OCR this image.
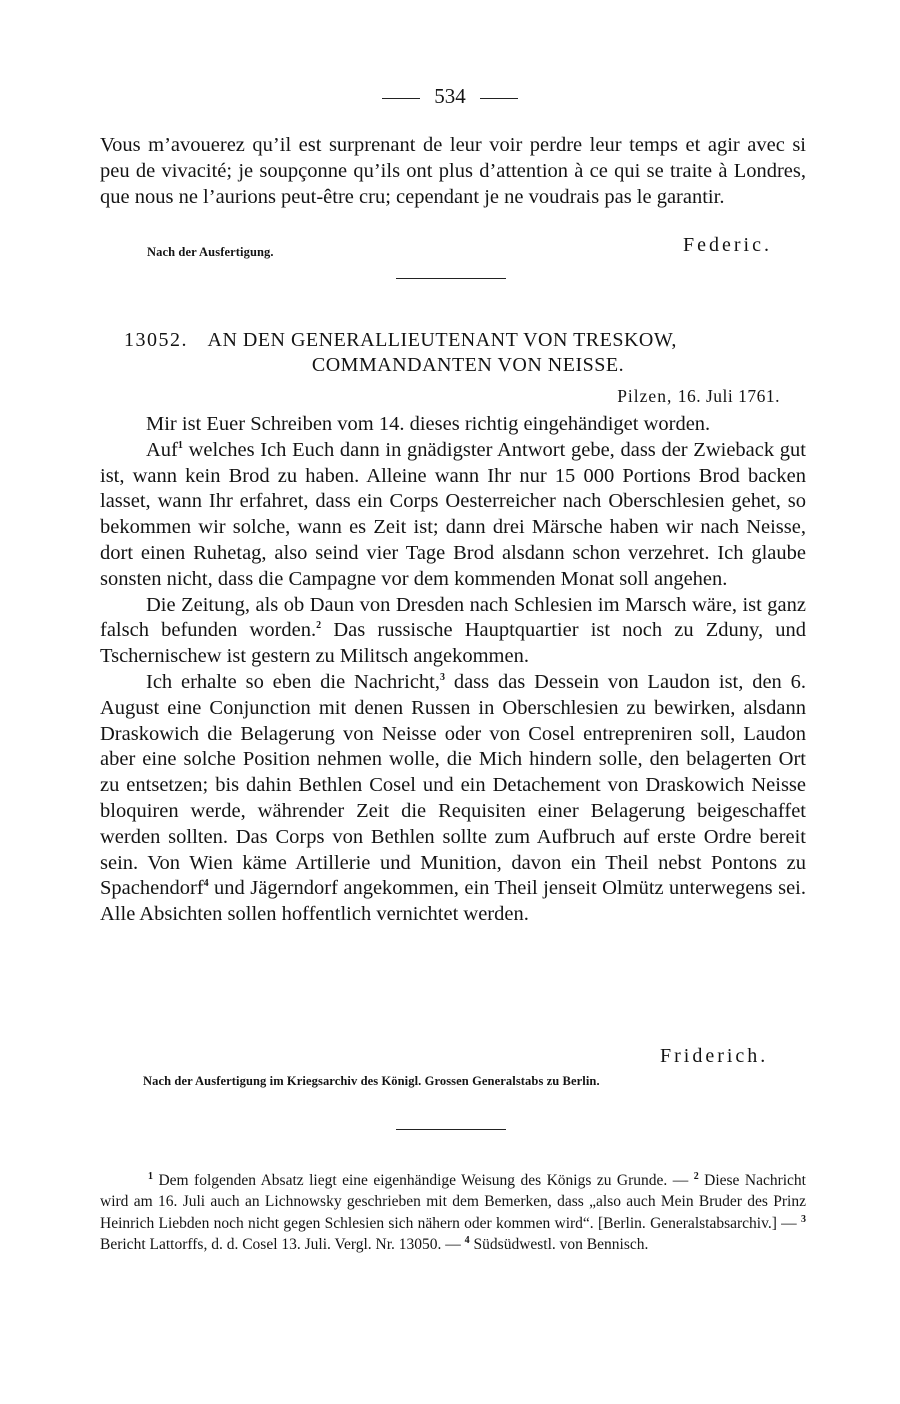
534

Vous m’avouerez qu’il est surprenant de leur voir perdre leur temps et agir avec si peu de vivacité; je soupçonne qu’ils ont plus d’attention à ce qui se traite à Londres, que nous ne l’aurions peut-être cru; cependant je ne voudrais pas le garantir.

Nach der Ausfertigung.	Federic.
13052. AN DEN GENERALLIEUTENANT VON TRESKOW,
COMMANDANTEN VON NEISSE.
Pilzen, 16. Juli 1761.

Mir ist Euer Schreiben vom 14. dieses richtig eingehändiget worden.

Auf$^1$ welches Ich Euch dann in gnädigster Antwort gebe, dass der Zwieback gut ist, wann kein Brod zu haben. Alleine wann Ihr nur 15 000 Portions Brod backen lasset, wann Ihr erfahret, dass ein Corps Oesterreicher nach Oberschlesien gehet, so bekommen wir solche, wann es Zeit ist; dann drei Märsche haben wir nach Neisse, dort einen Ruhetag, also seind vier Tage Brod alsdann schon verzehret. Ich glaube sonsten nicht, dass die Campagne vor dem kommenden Monat soll angehen.

Die Zeitung, als ob Daun von Dresden nach Schlesien im Marsch wäre, ist ganz falsch befunden worden.$^2$ Das russische Hauptquartier ist noch zu Zduny, und Tschernischew ist gestern zu Militsch angekommen.

Ich erhalte so eben die Nachricht,$^3$ dass das Dessein von Laudon ist, den 6. August eine Conjunction mit denen Russen in Oberschlesien zu bewirken, alsdann Draskowich die Belagerung von Neisse oder von Cosel entrepreniren soll, Laudon aber eine solche Position nehmen wolle, die Mich hindern solle, den belagerten Ort zu entsetzen; bis dahin Bethlen Cosel und ein Detachement von Draskowich Neisse bloquiren werde, währender Zeit die Requisiten einer Belagerung beigeschaffet werden sollten. Das Corps von Bethlen sollte zum Aufbruch auf erste Ordre bereit sein. Von Wien käme Artillerie und Munition, davon ein Theil nebst Pontons zu Spachendorf$^4$ und Jägerndorf angekommen, ein Theil jenseit Olmütz unterwegens sei. Alle Absichten sollen hoffentlich vernichtet werden.

Friderich.
Nach der Ausfertigung im Kriegsarchiv des Königl. Grossen Generalstabs zu Berlin.

$^1$ Dem folgenden Absatz liegt eine eigenhändige Weisung des Königs zu Grunde. — $^2$ Diese Nachricht wird am 16. Juli auch an Lichnowsky geschrieben mit dem Bemerken, dass „also auch Mein Bruder des Prinz Heinrich Liebden noch nicht gegen Schlesien sich nähern oder kommen wird“. [Berlin. Generalstabsarchiv.] — $^3$ Bericht Lattorffs, d. d. Cosel 13. Juli. Vergl. Nr. 13050. — $^4$ Südsüdwestl. von Bennisch.
